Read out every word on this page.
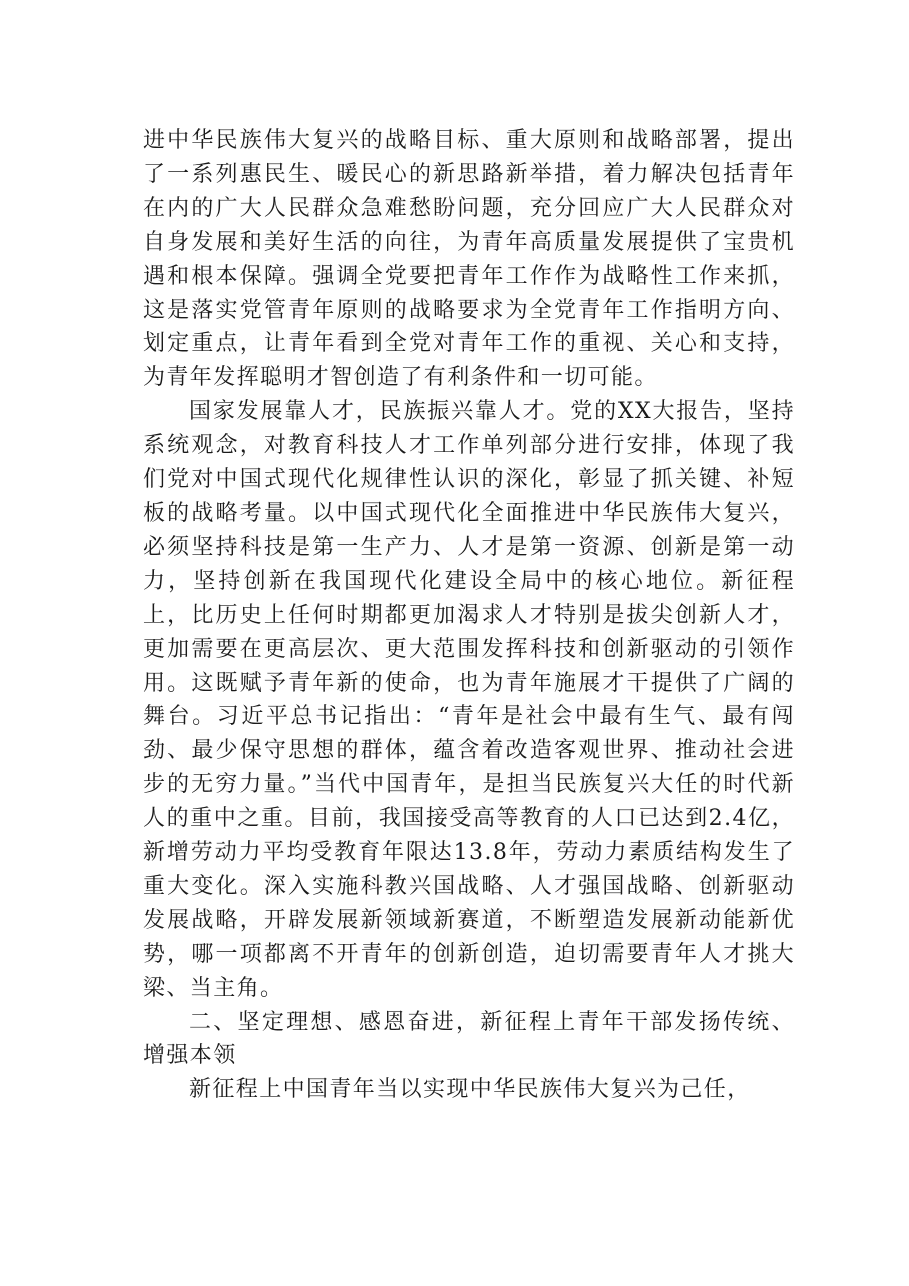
进中华民族伟大复兴的战略目标、重大原则和战略部署，提出了一系列惠民生、暖民心的新思路新举措，着力解决包括青年在内的广大人民群众急难愁盼问题，充分回应广大人民群众对自身发展和美好生活的向往，为青年高质量发展提供了宝贵机遇和根本保障。强调全党要把青年工作作为战略性工作来抓，这是落实党管青年原则的战略要求为全党青年工作指明方向、划定重点，让青年看到全党对青年工作的重视、关心和支持，为青年发挥聪明才智创造了有利条件和一切可能。

国家发展靠人才，民族振兴靠人才。党的XX大报告，坚持系统观念，对教育科技人才工作单列部分进行安排，体现了我们党对中国式现代化规律性认识的深化，彰显了抓关键、补短板的战略考量。以中国式现代化全面推进中华民族伟大复兴，必须坚持科技是第一生产力、人才是第一资源、创新是第一动力，坚持创新在我国现代化建设全局中的核心地位。新征程上，比历史上任何时期都更加渴求人才特别是拔尖创新人才，更加需要在更高层次、更大范围发挥科技和创新驱动的引领作用。这既赋予青年新的使命，也为青年施展才干提供了广阔的舞台。习近平总书记指出：“青年是社会中最有生气、最有闯劲、最少保守思想的群体，蕴含着改造客观世界、推动社会进步的无穷力量。”当代中国青年，是担当民族复兴大任的时代新人的重中之重。目前，我国接受高等教育的人口已达到2.4亿，新增劳动力平均受教育年限达13.8年，劳动力素质结构发生了重大变化。深入实施科教兴国战略、人才强国战略、创新驱动发展战略，开辟发展新领域新赛道，不断塑造发展新动能新优势，哪一项都离不开青年的创新创造，迫切需要青年人才挑大梁、当主角。

二、坚定理想、感恩奋进，新征程上青年干部发扬传统、增强本领

新征程上中国青年当以实现中华民族伟大复兴为己任，
